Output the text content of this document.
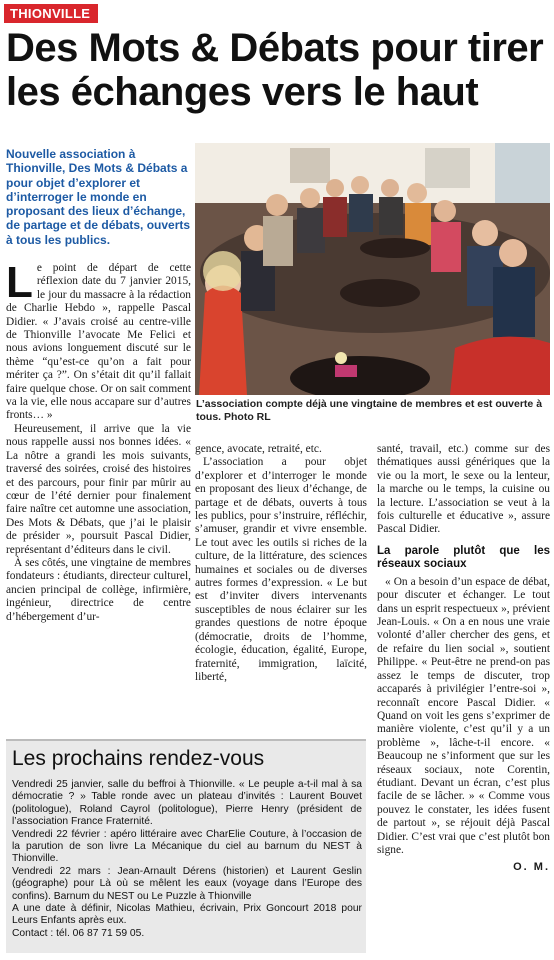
THIONVILLE
Des Mots & Débats pour tirer les échanges vers le haut
Nouvelle association à Thionville, Des Mots & Débats a pour objet d’explorer et d’interroger le monde en proposant des lieux d’échange, de partage et de débats, ouverts à tous les publics.
L’association compte déjà une vingtaine de membres et est ouverte à tous. Photo RL
L e point de départ de cette réflexion date du 7 janvier 2015, le jour du massacre à la rédaction de Charlie Hebdo », rappelle Pascal Didier. « J’avais croisé au centre-ville de Thionville l’avocate Me Felici et nous avions longuement discuté sur le thème “qu’est-ce qu’on a fait pour mériter ça ?”. On s’était dit qu’il fallait faire quelque chose. Or on sait comment va la vie, elle nous accapare sur d’autres fronts… »

Heureusement, il arrive que la vie nous rappelle aussi nos bonnes idées. « La nôtre a grandi les mois suivants, traversé des soirées, croisé des histoires et des parcours, pour finir par mûrir au cœur de l’été dernier pour finalement faire naître cet automne une association, Des Mots & Débats, que j’ai le plaisir de présider », poursuit Pascal Didier, représentant d’éditeurs dans le civil.

À ses côtés, une vingtaine de membres fondateurs : étudiants, directeur culturel, ancien principal de collège, infirmière, ingénieur, directrice de centre d’hébergement d’ur-

gence, avocate, retraité, etc.

L’association a pour objet d’explorer et d’interroger le monde en proposant des lieux d’échange, de partage et de débats, ouverts à tous les publics, pour s’instruire, réfléchir, s’amuser, grandir et vivre ensemble. Le tout avec les outils si riches de la culture, de la littérature, des sciences humaines et sociales ou de diverses autres formes d’expression. « Le but est d’inviter divers intervenants susceptibles de nous éclairer sur les grandes questions de notre époque (démocratie, droits de l’homme, écologie, éducation, égalité, Europe, fraternité, immigration, laïcité, liberté,

santé, travail, etc.) comme sur des thématiques aussi génériques que la vie ou la mort, le sexe ou la lenteur, la marche ou le temps, la cuisine ou la lecture. L’association se veut à la fois culturelle et éducative », assure Pascal Didier.

La parole plutôt que les réseaux sociaux

« On a besoin d’un espace de débat, pour discuter et échanger. Le tout dans un esprit respectueux », prévient Jean-Louis. « On a en nous une vraie volonté d’aller chercher des gens, et de refaire du lien social », soutient Philippe. « Peut-être ne prend-on pas assez le temps de discuter, trop accaparés à privilégier l’entre-soi », reconnaît encore Pascal Didier. « Quand on voit les gens s’exprimer de manière violente, c’est qu’il y a un problème », lâche-t-il encore. « Beaucoup ne s’informent que sur les réseaux sociaux, note Corentin, étudiant. Devant un écran, c’est plus facile de se lâcher. » « Comme vous pouvez le constater, les idées fusent de partout », se réjouit déjà Pascal Didier. C’est vrai que c’est plutôt bon signe.

O. M.
Les prochains rendez-vous

Vendredi 25 janvier, salle du beffroi à Thionville. « Le peuple a-t-il mal à sa démocratie ? » Table ronde avec un plateau d’invités : Laurent Bouvet (politologue), Roland Cayrol (politologue), Pierre Henry (président de l’association France Fraternité.

Vendredi 22 février : apéro littéraire avec CharElie Couture, à l’occasion de la parution de son livre La Mécanique du ciel au barnum du NEST à Thionville.

Vendredi 22 mars : Jean-Arnault Dérens (historien) et Laurent Geslin (géographe) pour Là où se mêlent les eaux (voyage dans l’Europe des confins). Barnum du NEST ou Le Puzzle à Thionville

A une date à définir, Nicolas Mathieu, écrivain, Prix Goncourt 2018 pour Leurs Enfants après eux.

Contact : tél. 06 87 71 59 05.
